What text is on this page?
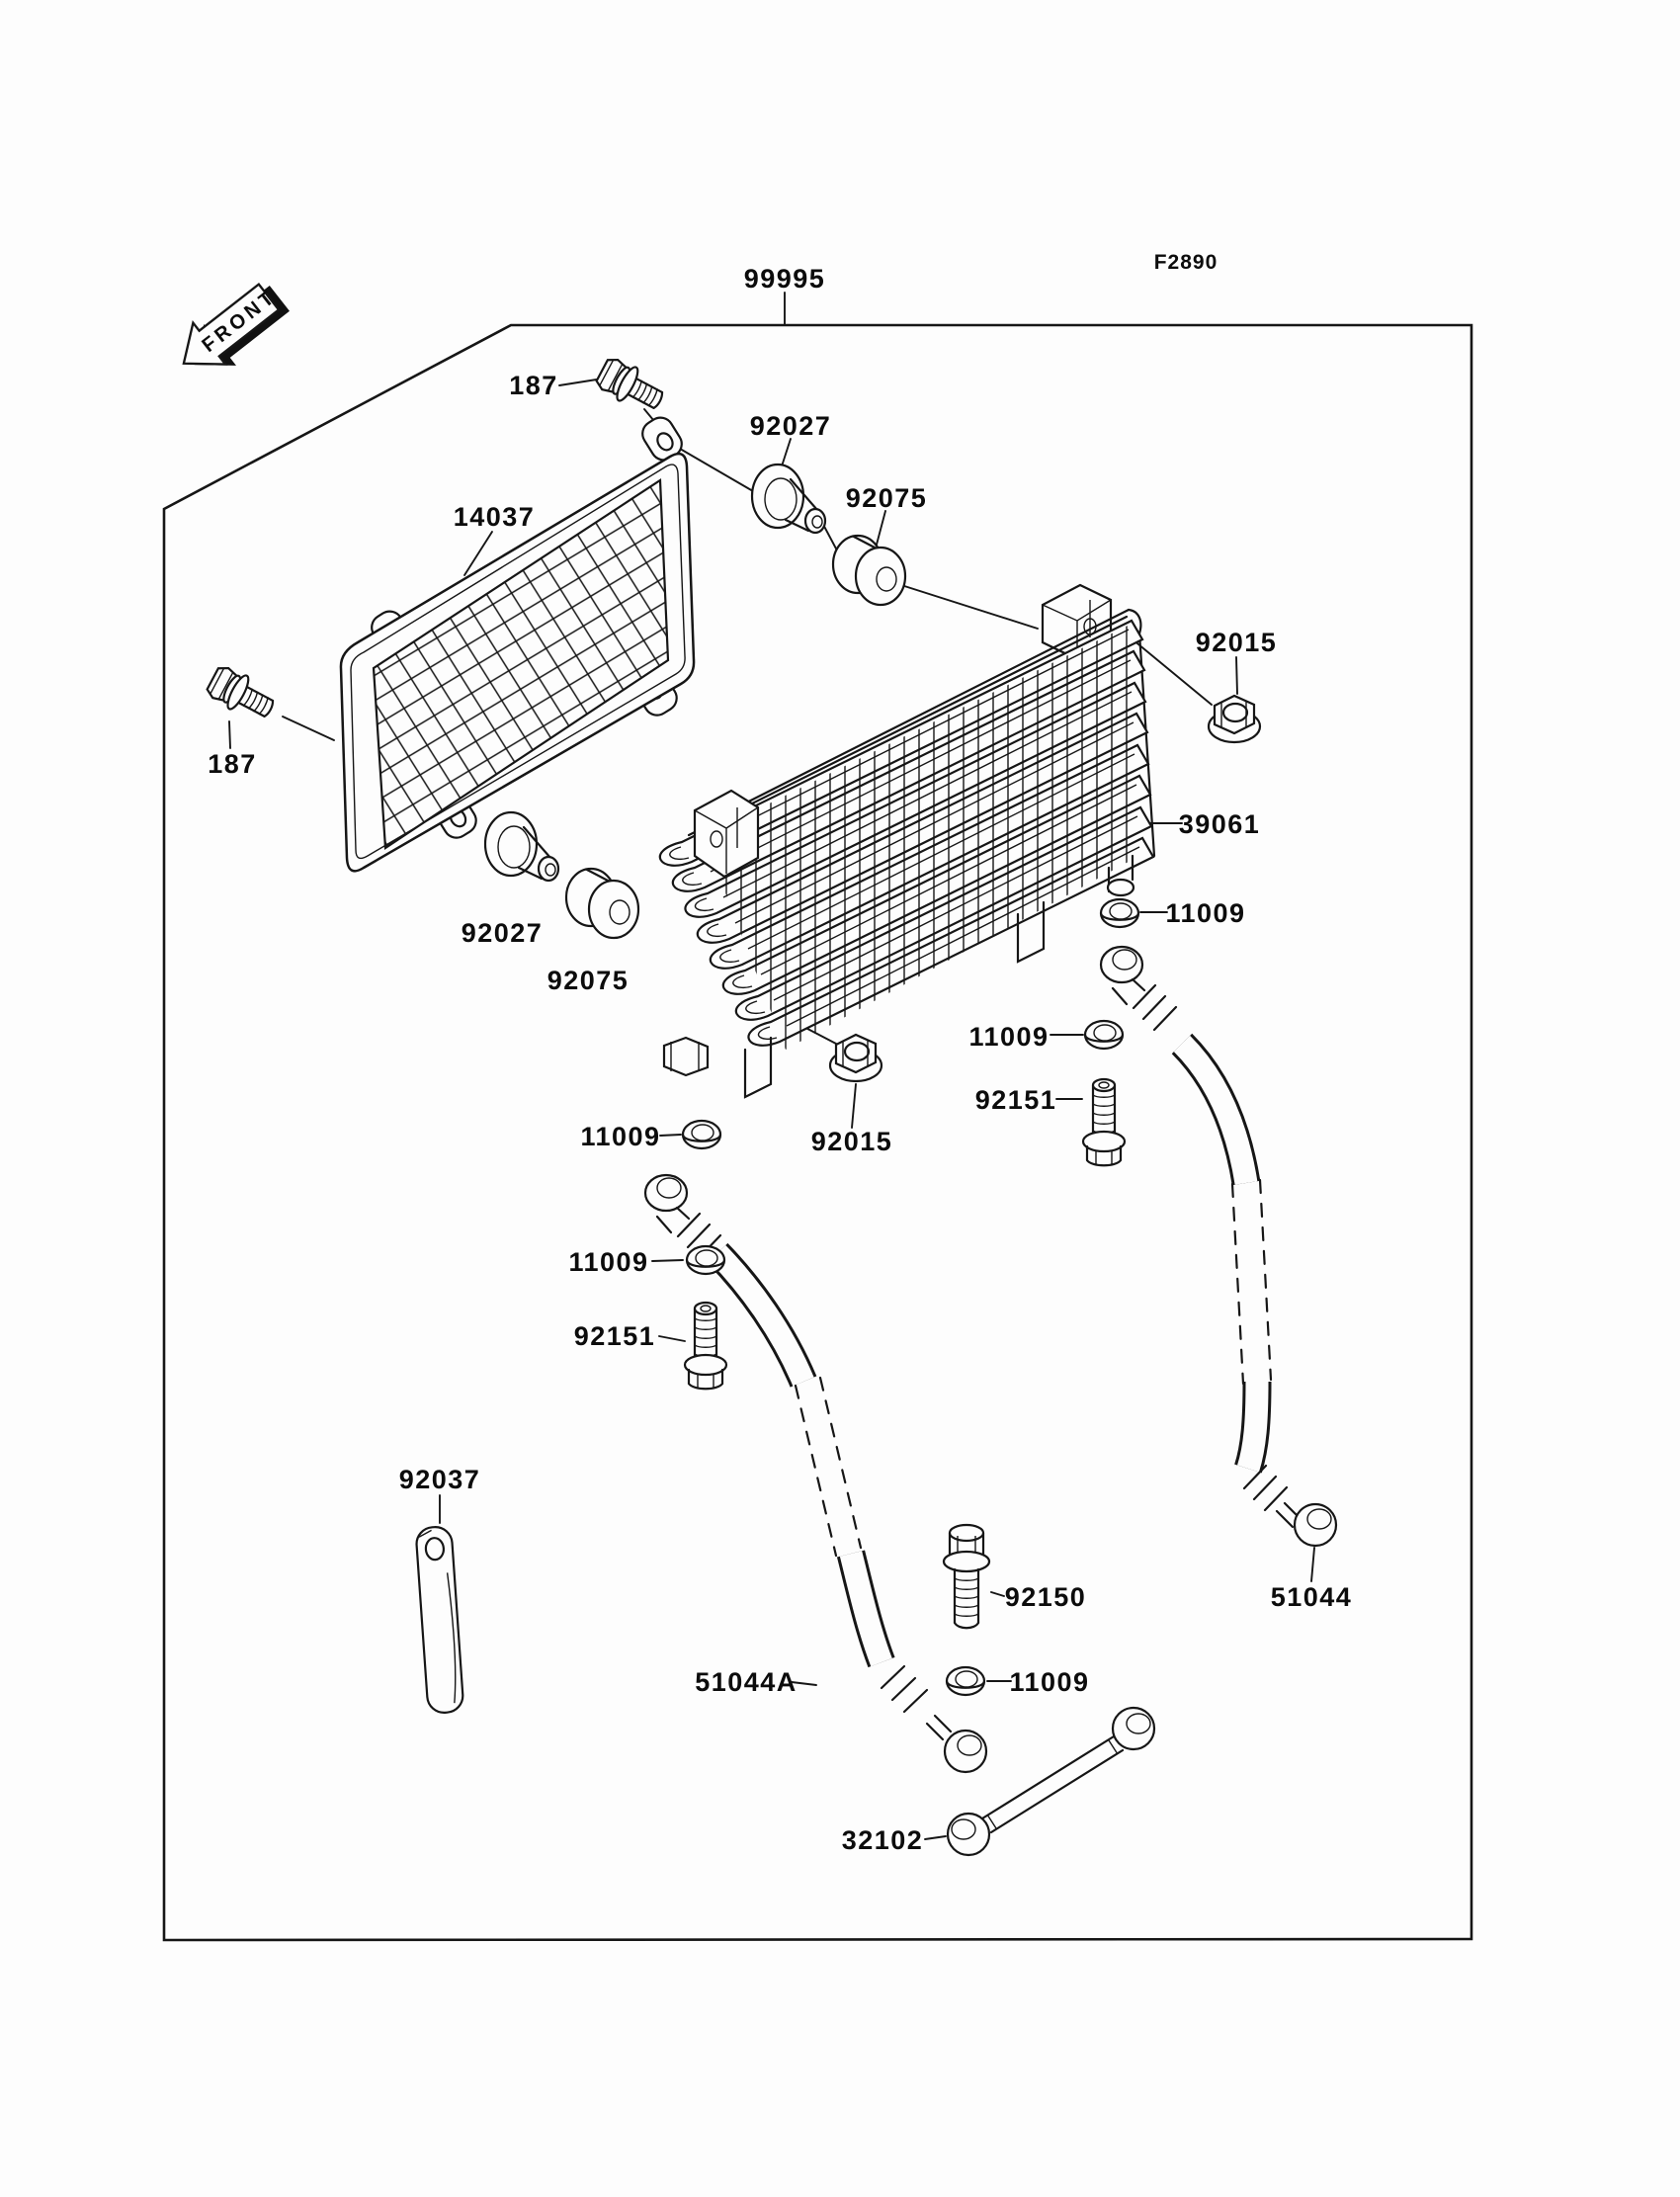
FRONT
99995
F2890
187
92027
92075
14037
187
92015
39061
11009
92027
92075
11009
92151
11009	92015
11009
92151
92037
92150	51044
51044A	11009
32102
